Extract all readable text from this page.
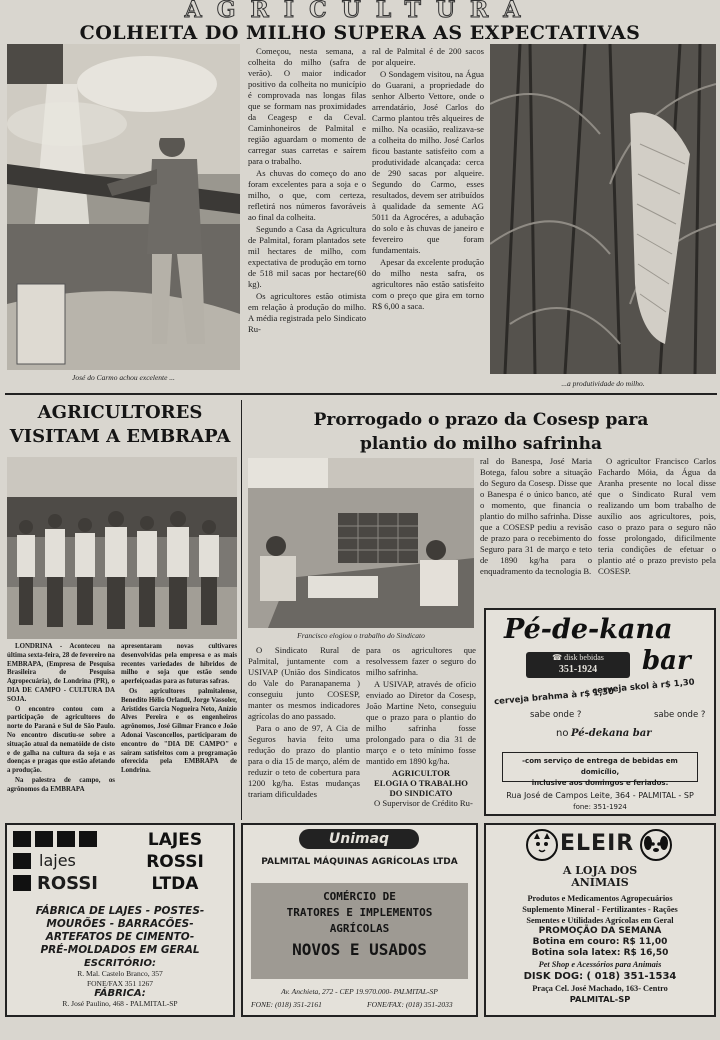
AGRICULTURA
COLHEITA DO MILHO SUPERA AS EXPECTATIVAS
José do Carmo achou excelente ...

Começou, nesta semana, a colheita do milho (safra de verão). O maior indicador positivo da colheita no município é comprovada nas longas filas que se formam nas proximidades da Ceagesp e da Ceval. Caminhoneiros de Palmital e região aguardam o momento de carregar suas carretas e saírem para o trabalho.

As chuvas do começo do ano foram excelentes para a soja e o milho, o que, com certeza, refletirá nos números favoráveis ao final da colheita.

Segundo a Casa da Agricultura de Palmital, foram plantados sete mil hectares de milho, com expectativa de produção em torno de 518 mil sacas por hectare(60 kg).

Os agricultores estão otimista em relação à produção do milho. A média registrada pelo Sindicato Ru-

ral de Palmital é de 200 sacos por alqueire.

O Sondagem visitou, na Água do Guarani, a propriedade do senhor Alberto Vettore, onde o arrendatário, José Carlos do Carmo plantou três alqueires de milho. Na ocasião, realizava-se a colheita do milho. José Carlos ficou bastante satisfeito com a produtividade alcançada: cerca de 290 sacas por alqueire. Segundo do Carmo, esses resultados, devem ser atribuídos à qualidade da semente AG 5011 da Agrocéres, a adubação do solo e às chuvas de janeiro e fevereiro que foram fundamentais.

Apesar da excelente produção do milho nesta safra, os agricultores não estão satisfeito com o preço que gira em torno R$ 6,00 a saca.

...a produtividade do milho.
AGRICULTORES
VISITAM A EMBRAPA

LONDRINA - Aconteceu na última sexta-feira, 28 de fevereiro na EMBRAPA, (Empresa de Pesquisa Brasileira de Pesquisa Agropecuária), de Londrina (PR), o DIA DE CAMPO - CULTURA DA SOJA.

O encontro contou com a participação de agricultores do norte do Paraná e Sul de São Paulo. No encontro discutiu-se sobre a situação atual da nematóide de cisto e de galha na cultura da soja e as doenças e pragas que estão afetando a produção.

Na palestra de campo, os agrônomos da EMBRAPA

apresentaram novas cultivares desenvolvidas pela empresa e as mais recentes variedades de híbridos de milho e soja que estão sendo aperfeiçoadas para as futuras safras.

Os agricultores palmitalense, Benedito Hélio Orlandi, Jorge Vassoler, Aristides Garcia Nogueira Neto, Anízio Alves Pereira e os engenheiros agrônomos, José Gilmar Franco e João Adonai Vasconcellos, participaram do encontro do "DIA DE CAMPO" e saíram satisfeitos com a programação oferecida pela EMBRAPA de Londrina.

Prorrogado o prazo da Cosesp para
plantio do milho safrinha
Francisco elogiou o trabalho do Sindicato

ral do Banespa, José Maria Botega, falou sobre a situação do Seguro da Cosesp. Disse que o Banespa é o único banco, até o momento, que financia o plantio do milho safrinha. Disse que a COSESP pediu a revisão de prazo para o recebimento do Seguro para 31 de março e teto de 1890 kg/ha para o enquadramento da tecnologia B.

O agricultor Francisco Carlos Fachardo Móia, da Água da Aranha presente no local disse que o Sindicato Rural vem realizando um bom trabalho de auxílio aos agricultores, pois, caso o prazo para o seguro não fosse prolongado, dificilmente teria condições de efetuar o plantio até o prazo previsto pela COSESP.

O Sindicato Rural de Palmital, juntamente com a USIVAP (União dos Sindicatos do Vale do Paranapanema ) conseguiu junto COSESP, manter os mesmos indicadores agrícolas do ano passado.

Para o ano de 97, A Cia de Seguros havia feito uma redução do prazo do plantio para o dia 15 de março, além de reduzir o teto de cobertura para 1200 kg/ha. Estas mudanças trariam dificuldades

para os agricultores que resolvessem fazer o seguro do milho safrinha.

A USIVAP, através de ofício enviado ao Diretor da Cosesp, João Martine Neto, conseguiu que o prazo para o plantio do milho safrinha fosse prolongado para o dia 31 de março e o teto mínimo fosse mantido em 1890 kg/ha.

AGRICULTOR
ELOGIA O TRABALHO
DO SINDICATO

O Supervisor de Crédito Ru-

Pé-de-kana
☎ disk bebidas
351-1924	bar
cerveja brahma à r$ 1,30
cerveja skol à r$ 1,30
sabe onde ?	sabe onde ?
no Pé-dekana bar
-com serviço de entrega de bebidas em domicílio,
inclusive aos domingos e feriados.
Rua José de Campos Leite, 364 - PALMITAL - SP
fone: 351-1924
lajes
ROSSI
LAJES
ROSSI
LTDA
FÁBRICA DE LAJES - POSTES-
MOURÕES - BARRACÕES-
ARTEFATOS DE CIMENTO-
PRÉ-MOLDADOS EM GERAL
ESCRITÓRIO:
R. Mal. Castelo Branco, 357
FONE/FAX 351 1267
FÁBRICA:
R. José Paulino, 468 - PALMITAL-SP
Unimaq
PALMITAL MÁQUINAS AGRÍCOLAS LTDA
COMÉRCIO DE
TRATORES E IMPLEMENTOS
AGRÍCOLAS
NOVOS E USADOS
Av. Anchieta, 272 - CEP 19.970.000- PALMITAL-SP
FONE: (018) 351-2161	FONE/FAX: (018) 351-2033
ELEIR
A LOJA DOS
ANIMAIS
Produtos e Medicamentos Agropecuários
Suplemento Mineral - Fertilizantes - Rações
Sementes e Utilidades Agrícolas em Geral
PROMOÇÃO DA SEMANA
Botina em couro: R$ 11,00
Botina sola latex: R$ 16,50
Pet Shop e Acessórios para Animais
DISK DOG: ( 018) 351-1534
Praça Cel. José Machado, 163- Centro
PALMITAL-SP
